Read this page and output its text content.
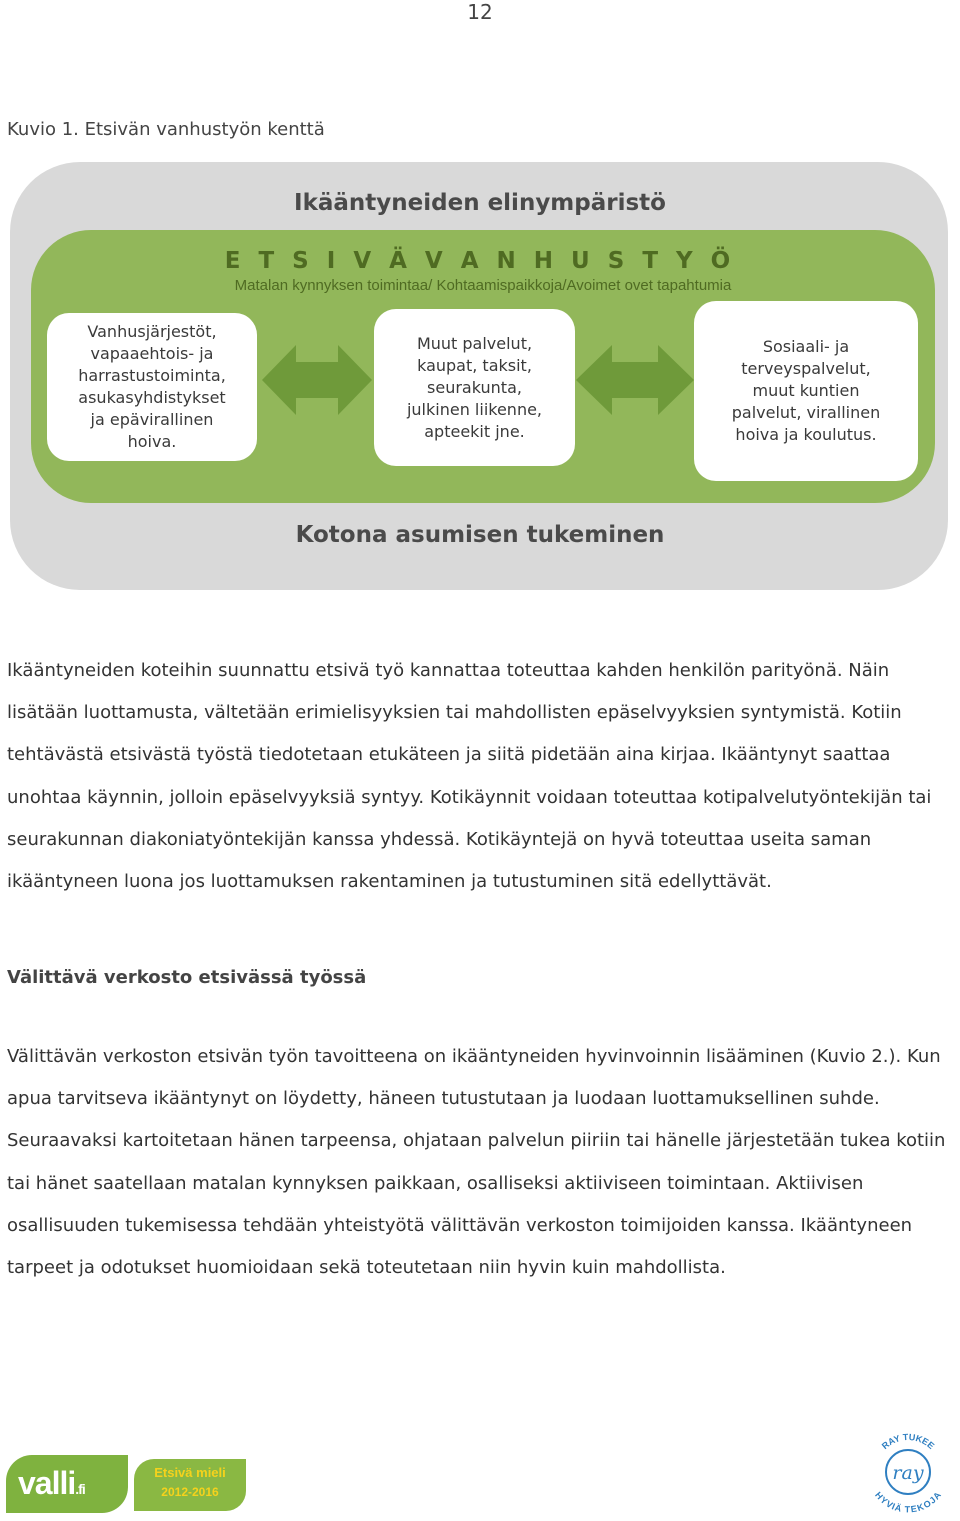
12
Kuvio 1. Etsivän vanhustyön kenttä
Ikääntyneiden elinympäristö
E T S I V Ä V A N H U S T Y Ö
Matalan kynnyksen toimintaa/ Kohtaamispaikkoja/Avoimet ovet tapahtumia
Vanhusjärjestöt,
vapaaehtois- ja
harrastustoiminta,
asukasyhdistykset
ja epävirallinen
hoiva.
Muut palvelut,
kaupat, taksit,
seurakunta,
julkinen liikenne,
apteekit jne.
Sosiaali- ja
terveyspalvelut,
muut kuntien
palvelut, virallinen
hoiva ja koulutus.
Kotona asumisen tukeminen
Ikääntyneiden koteihin suunnattu etsivä työ kannattaa toteuttaa kahden henkilön parityönä. Näin lisätään luottamusta, vältetään erimielisyyksien tai mahdollisten epäselvyyksien syntymistä. Kotiin tehtävästä etsivästä työstä tiedotetaan etukäteen ja siitä pidetään aina kirjaa. Ikääntynyt saattaa unohtaa käynnin, jolloin epäselvyyksiä syntyy. Kotikäynnit voidaan toteuttaa kotipalvelutyöntekijän tai seurakunnan diakoniatyöntekijän kanssa yhdessä. Kotikäyntejä on hyvä toteuttaa useita saman ikääntyneen luona jos luottamuksen rakentaminen ja tutustuminen sitä edellyttävät.
Välittävä verkosto etsivässä työssä
Välittävän verkoston etsivän työn tavoitteena on ikääntyneiden hyvinvoinnin lisääminen (Kuvio 2.). Kun apua tarvitseva ikääntynyt on löydetty, häneen tutustutaan ja luodaan luottamuksellinen suhde. Seuraavaksi kartoitetaan hänen tarpeensa, ohjataan palvelun piiriin tai hänelle järjestetään tukea kotiin tai hänet saatellaan matalan kynnyksen paikkaan, osalliseksi aktiiviseen toimintaan. Aktiivisen osallisuuden tukemisessa tehdään yhteistyötä välittävän verkoston toimijoiden kanssa. Ikääntyneen tarpeet ja odotukset huomioidaan sekä toteutetaan niin hyvin kuin mahdollista.
valli.fi
Etsivä mieli
2012-2016
ray
RAY TUKEE
HYVIÄ TEKOJA
